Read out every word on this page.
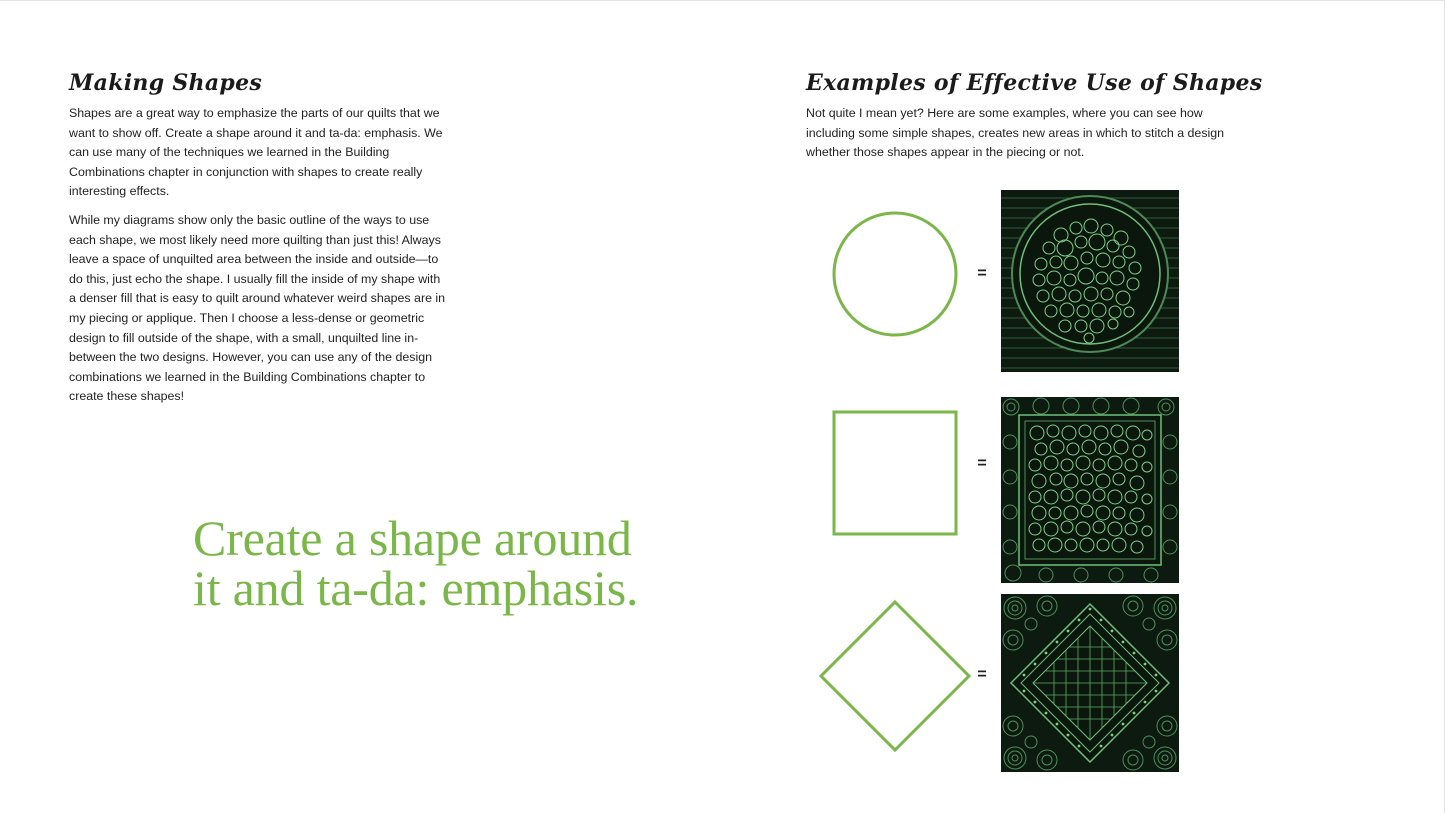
Making Shapes

Shapes are a great way to emphasize the parts of our quilts that we want to show off. Create a shape around it and ta-da: emphasis. We can use many of the techniques we learned in the Building Combinations chapter in conjunction with shapes to create really interesting effects.

While my diagrams show only the basic outline of the ways to use each shape, we most likely need more quilting than just this! Always leave a space of unquilted area between the inside and outside—to do this, just echo the shape. I usually fill the inside of my shape with a denser fill that is easy to quilt around whatever weird shapes are in my piecing or applique. Then I choose a less-dense or geometric design to fill outside of the shape, with a small, unquilted line in-between the two designs. However, you can use any of the design combinations we learned in the Building Combinations chapter to create these shapes!

Create a shape around
it and ta-da: emphasis.
Examples of Effective Use of Shapes

Not quite I mean yet? Here are some examples, where you can see how including some simple shapes, creates new areas in which to stitch a design whether those shapes appear in the piecing or not.

=
=
=
